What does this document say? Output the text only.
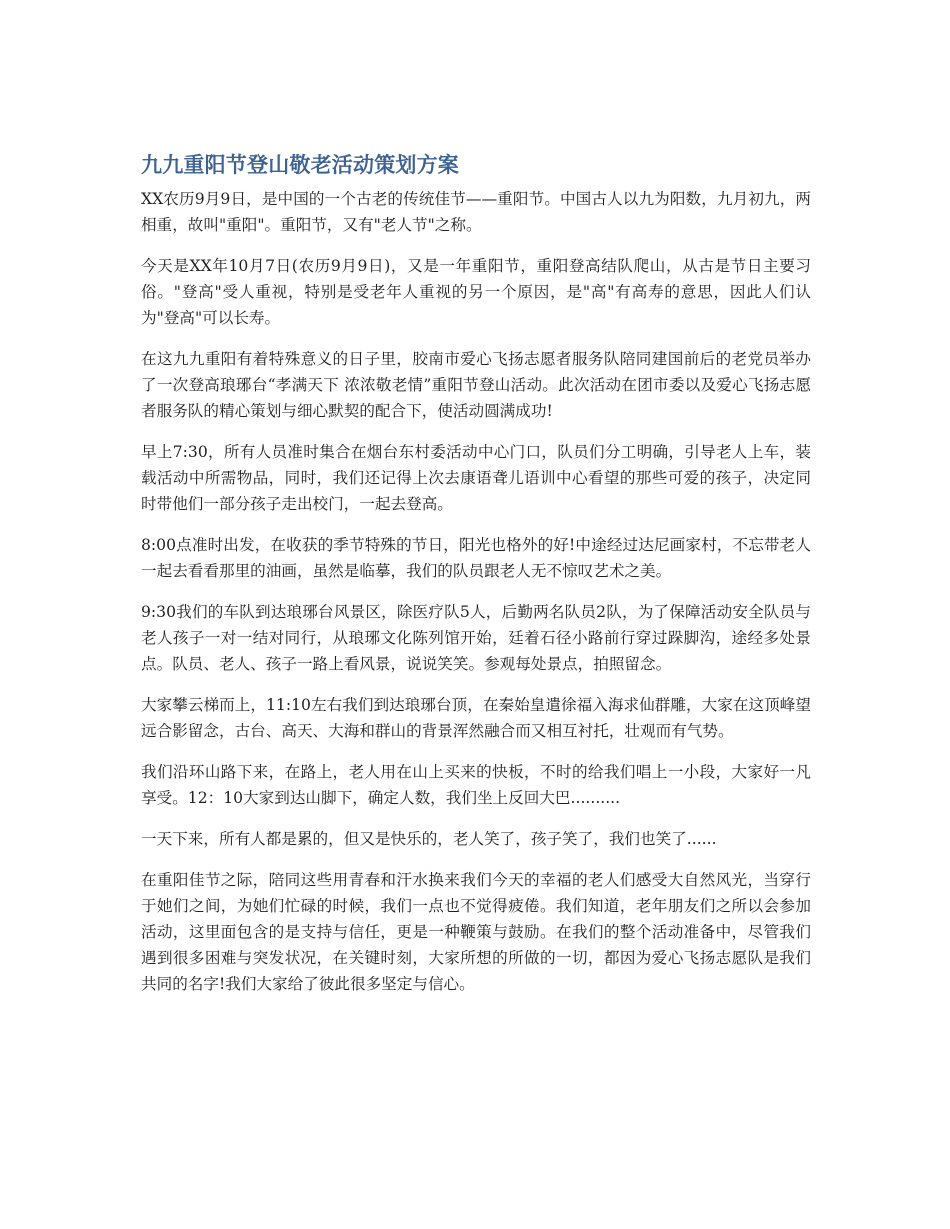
九九重阳节登山敬老活动策划方案

XX农历9月9日，是中国的一个古老的传统佳节——重阳节。中国古人以九为阳数，九月初九，两相重，故叫"重阳"。重阳节，又有"老人节"之称。

今天是XX年10月7日(农历9月9日)，又是一年重阳节，重阳登高结队爬山，从古是节日主要习俗。"登高"受人重视，特别是受老年人重视的另一个原因，是"高"有高寿的意思，因此人们认为"登高"可以长寿。

在这九九重阳有着特殊意义的日子里，胶南市爱心飞扬志愿者服务队陪同建国前后的老党员举办了一次登高琅琊台“孝满天下 浓浓敬老情”重阳节登山活动。此次活动在团市委以及爱心飞扬志愿者服务队的精心策划与细心默契的配合下，使活动圆满成功!

早上7:30，所有人员准时集合在烟台东村委活动中心门口，队员们分工明确，引导老人上车，装载活动中所需物品，同时，我们还记得上次去康语聋儿语训中心看望的那些可爱的孩子，决定同时带他们一部分孩子走出校门，一起去登高。

8:00点准时出发，在收获的季节特殊的节日，阳光也格外的好!中途经过达尼画家村，不忘带老人一起去看看那里的油画，虽然是临摹，我们的队员跟老人无不惊叹艺术之美。

9:30我们的车队到达琅琊台风景区，除医疗队5人，后勤两名队员2队，为了保障活动安全队员与老人孩子一对一结对同行，从琅琊文化陈列馆开始，廷着石径小路前行穿过跺脚沟，途经多处景点。队员、老人、孩子一路上看风景，说说笑笑。参观每处景点，拍照留念。

大家攀云梯而上，11:10左右我们到达琅琊台顶，在秦始皇遣徐福入海求仙群雕，大家在这顶峰望远合影留念，古台、高天、大海和群山的背景浑然融合而又相互衬托，壮观而有气势。

我们沿环山路下来，在路上，老人用在山上买来的快板，不时的给我们唱上一小段，大家好一凡享受。12：10大家到达山脚下，确定人数，我们坐上反回大巴..........

一天下来，所有人都是累的，但又是快乐的，老人笑了，孩子笑了，我们也笑了......

在重阳佳节之际，陪同这些用青春和汗水换来我们今天的幸福的老人们感受大自然风光，当穿行于她们之间，为她们忙碌的时候，我们一点也不觉得疲倦。我们知道，老年朋友们之所以会参加活动，这里面包含的是支持与信任，更是一种鞭策与鼓励。在我们的整个活动准备中，尽管我们遇到很多困难与突发状况，在关键时刻，大家所想的所做的一切，都因为爱心飞扬志愿队是我们共同的名字!我们大家给了彼此很多坚定与信心。
